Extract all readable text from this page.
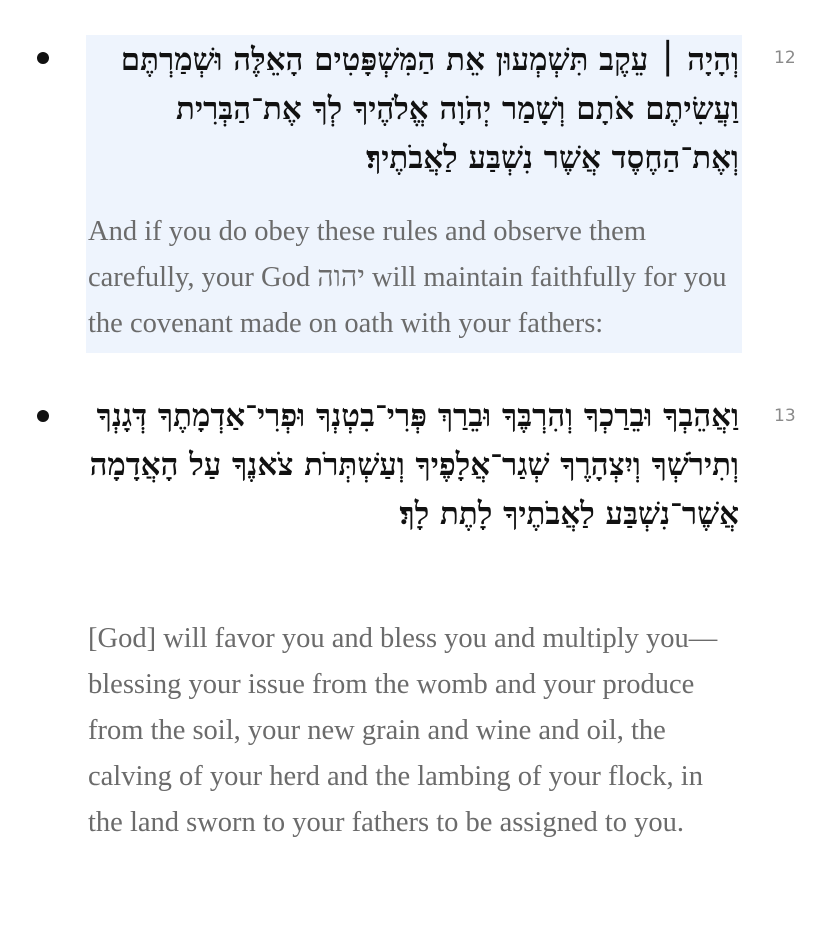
12
וְהָיָה ׀ עֵקֶב תִּשְׁמְעוּן אֵת הַמִּשְׁפָּטִים הָאֵלֶּה וּשְׁמַרְתֶּם וַעֲשִׂיתֶם אֹתָם וְשָׁמַר יְהֹוָה אֱלֹהֶיךָ לְךָ אֶת־הַבְּרִית וְאֶת־הַחֶסֶד אֲשֶׁר נִשְׁבַּע לַאֲבֹתֶיךָ׃
And if you do obey these rules and observe them carefully, your God יהוה will maintain faithfully for you the covenant made on oath with your fathers:
13
וַאֲהֵבְךָ וּבֵרַכְךָ וְהִרְבֶּךָ וּבֵרַךְ פְּרִי־בִטְנְךָ וּפְרִי־אַדְמָתֶךָ דְּגָנְךָ וְתִירֹשְׁךָ וְיִצְהָרֶךָ שְׁגַר־אֲלָפֶיךָ וְעַשְׁתְּרֹת צֹאנֶךָ עַל הָאֲדָמָה אֲשֶׁר־נִשְׁבַּע לַאֲבֹתֶיךָ לָתֶת לָךְ׃
[God] will favor you and bless you and multiply you—blessing your issue from the womb and your produce from the soil, your new grain and wine and oil, the calving of your herd and the lambing of your flock, in the land sworn to your fathers to be assigned to you.
